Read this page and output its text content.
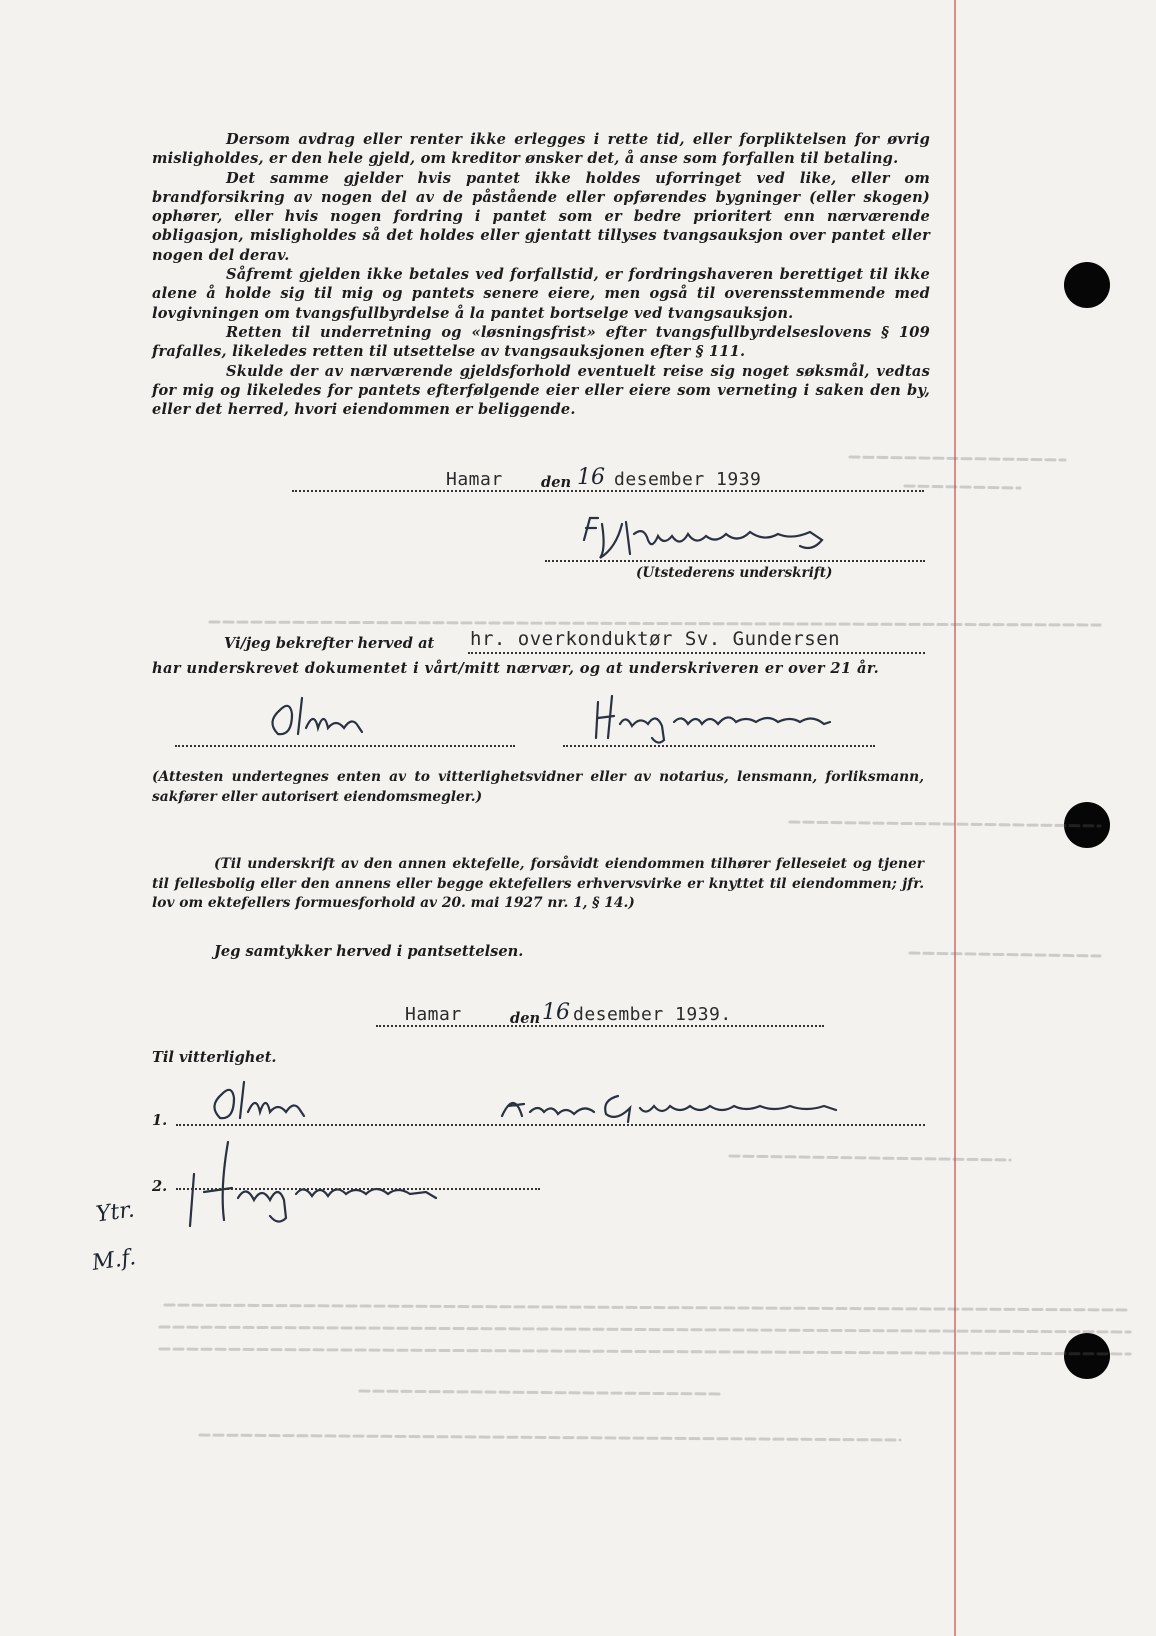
Dersom avdrag eller renter ikke erlegges i rette tid, eller forpliktelsen for øvrig misligholdes, er den hele gjeld, om kreditor ønsker det, å anse som forfallen til betaling.

Det samme gjelder hvis pantet ikke holdes uforringet ved like, eller om brandforsikring av nogen del av de påstående eller opførendes bygninger (eller skogen) ophører, eller hvis nogen fordring i pantet som er bedre prioritert enn nærværende obligasjon, misligholdes så det holdes eller gjentatt tillyses tvangsauksjon over pantet eller nogen del derav.

Såfremt gjelden ikke betales ved forfallstid, er fordringshaveren berettiget til ikke alene å holde sig til mig og pantets senere eiere, men også til overensstemmende med lovgivningen om tvangsfullbyrdelse å la pantet bortselge ved tvangsauksjon.

Retten til underretning og «løsningsfrist» efter tvangsfullbyrdelseslovens § 109 frafalles, likeledes retten til utsettelse av tvangsauksjonen efter § 111.

Skulde der av nærværende gjeldsforhold eventuelt reise sig noget søksmål, vedtas for mig og likeledes for pantets efterfølgende eier eller eiere som verneting i saken den by, eller det herred, hvori eiendommen er beliggende.

Hamar	den 16 desember 1939
(Utstederens underskrift)
Vi/jeg bekrefter herved at hr. overkonduktør Sv. Gundersen
har underskrevet dokumentet i vårt/mitt nærvær, og at underskriveren er over 21 år.

(Attesten undertegnes enten av to vitterlighetsvidner eller av notarius, lensmann, forliksmann, sakfører eller autorisert eiendomsmegler.)

(Til underskrift av den annen ektefelle, forsåvidt eiendommen tilhører felleseiet og tjener til fellesbolig eller den annens eller begge ektefellers erhvervsvirke er knyttet til eiendommen; jfr. lov om ektefellers formuesforhold av 20. mai 1927 nr. 1, § 14.)

Jeg samtykker herved i pantsettelsen.
Hamar	den 16 desember 1939.
Til vitterlighet.
1.
2.
Ytr.
M.f.
